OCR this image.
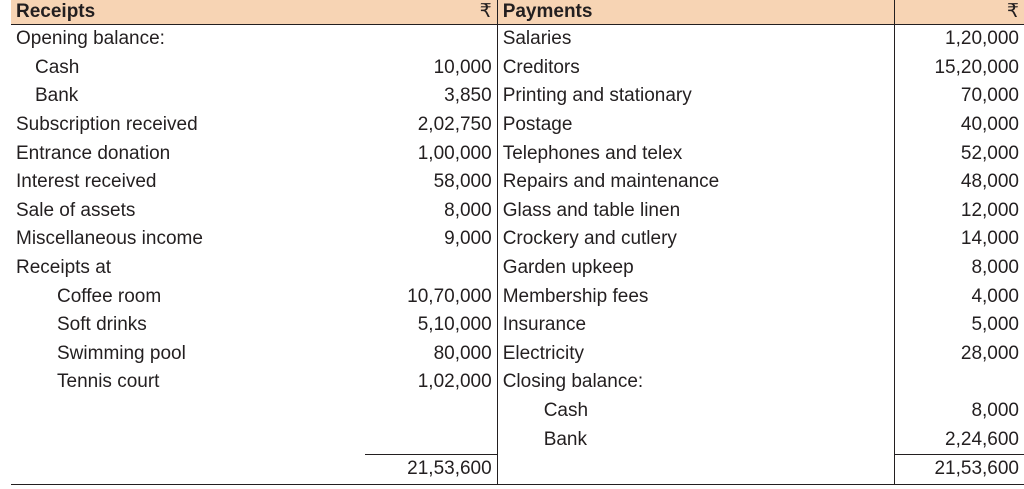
Receipts	₹	Payments	₹
Opening balance:		Salaries	1,20,000
Cash	10,000	Creditors	15,20,000
Bank	3,850	Printing and stationary	70,000
Subscription received	2,02,750	Postage	40,000
Entrance donation	1,00,000	Telephones and telex	52,000
Interest received	58,000	Repairs and maintenance	48,000
Sale of assets	8,000	Glass and table linen	12,000
Miscellaneous income	9,000	Crockery and cutlery	14,000
Receipts at		Garden upkeep	8,000
Coffee room	10,70,000	Membership fees	4,000
Soft drinks	5,10,000	Insurance	5,000
Swimming pool	80,000	Electricity	28,000
Tennis court	1,02,000	Closing balance:	
		Cash	8,000
		Bank	2,24,600
	21,53,600		21,53,600
